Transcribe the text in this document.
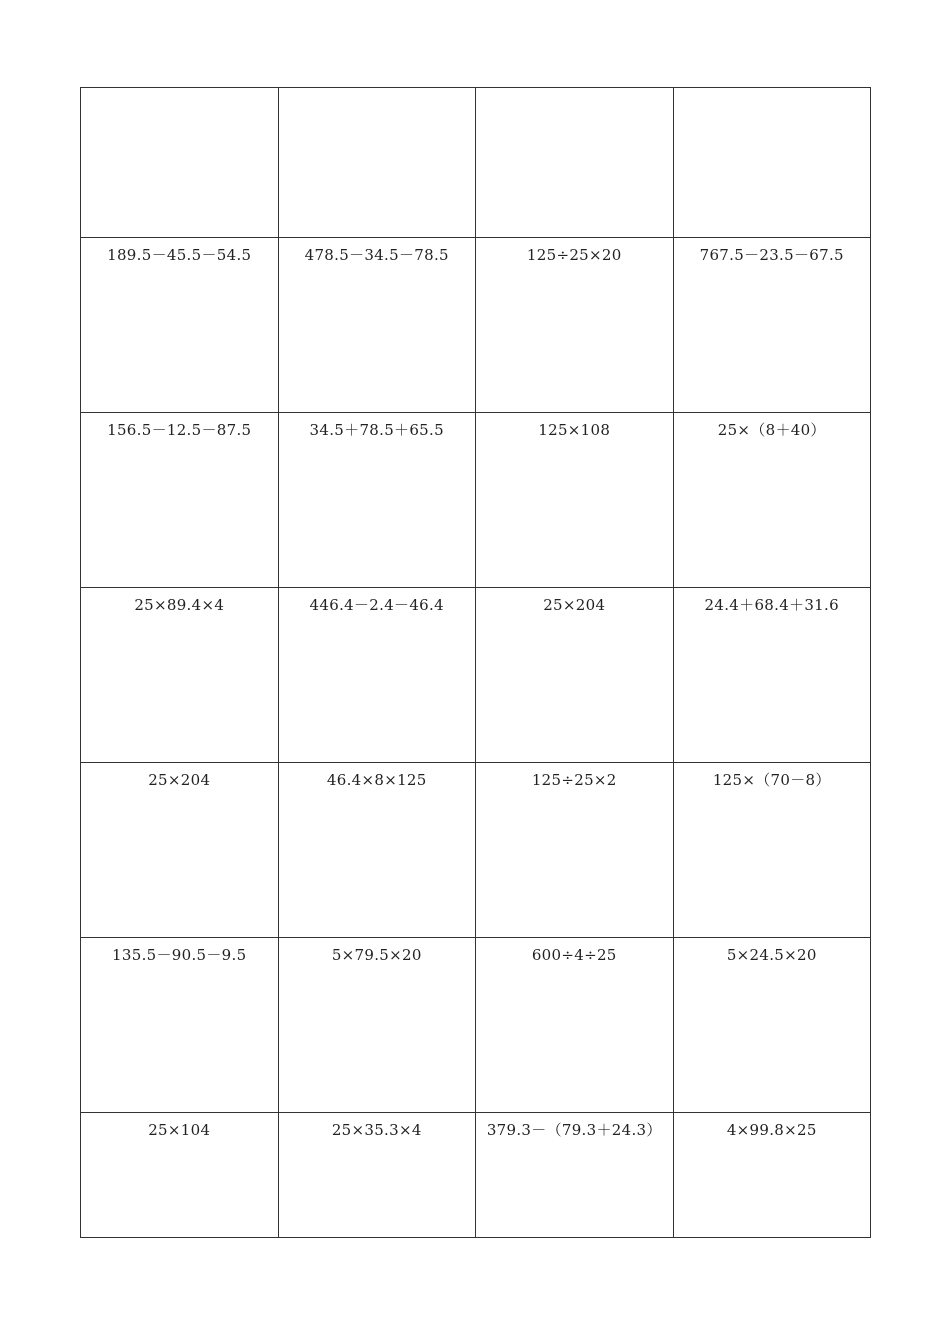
189.5－45.5－54.5	478.5－34.5－78.5	125÷25×20	767.5－23.5－67.5

156.5－12.5－87.5	34.5＋78.5＋65.5	125×108	25×（8＋40）

25×89.4×4	446.4－2.4－46.4	25×204	24.4＋68.4＋31.6

25×204	46.4×8×125	125÷25×2	125×（70－8）

135.5－90.5－9.5	5×79.5×20	600÷4÷25	5×24.5×20

25×104	25×35.3×4	379.3－（79.3＋24.3）	4×99.8×25
